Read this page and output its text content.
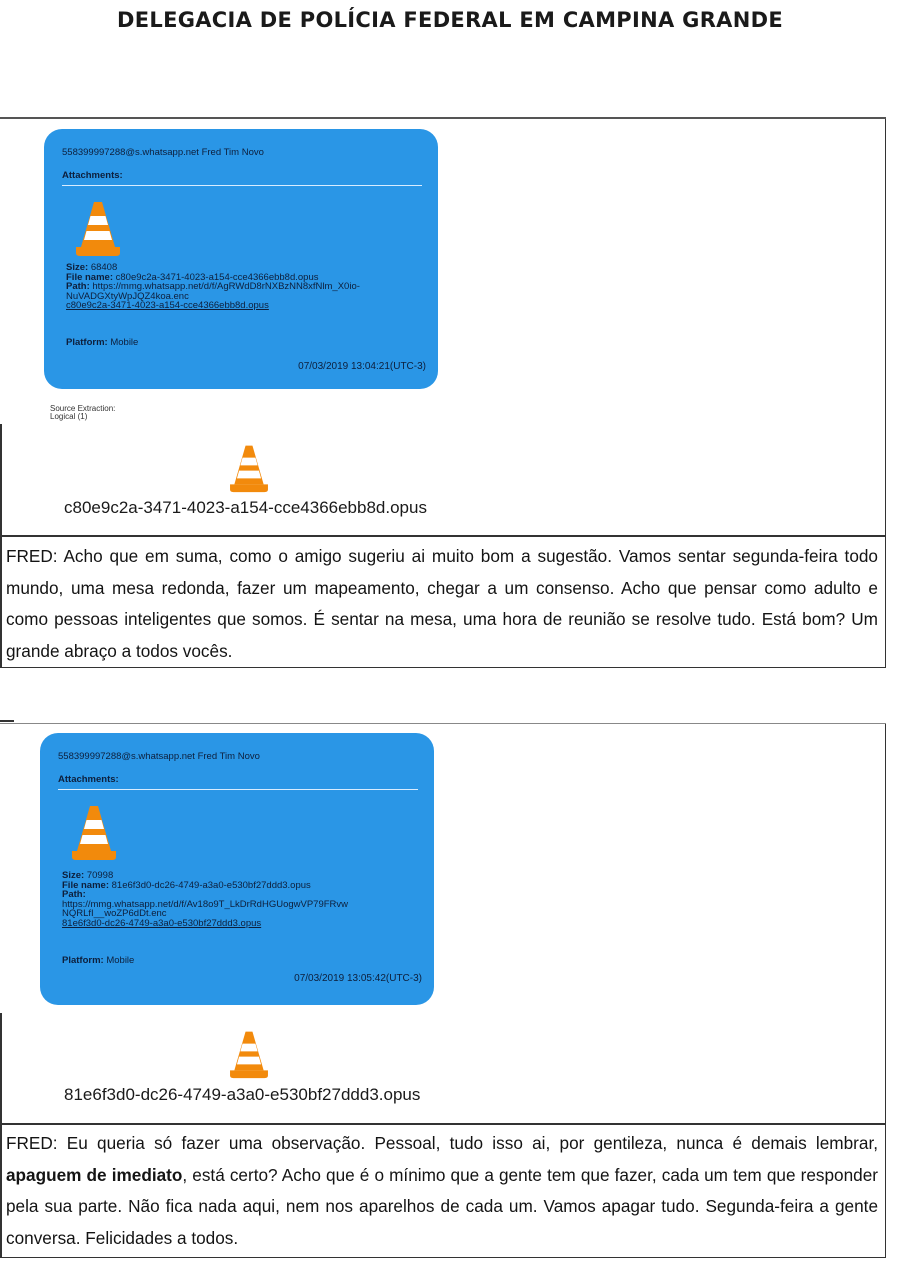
DELEGACIA DE POLÍCIA FEDERAL EM CAMPINA GRANDE
558399997288@s.whatsapp.net Fred Tim Novo
Attachments:
Size: 68408
File name: c80e9c2a-3471-4023-a154-cce4366ebb8d.opus
Path: https://mmg.whatsapp.net/d/f/AgRWdD8rNXBzNN8xfNlm_X0io-
NuVADGXtyWpJQZ4koa.enc
c80e9c2a-3471-4023-a154-cce4366ebb8d.opus
Platform: Mobile
07/03/2019 13:04:21(UTC-3)
Source Extraction:
Logical (1)
c80e9c2a-3471-4023-a154-cce4366ebb8d.opus

FRED: Acho que em suma, como o amigo sugeriu ai muito bom a sugestão. Vamos sentar segunda-feira todo mundo, uma mesa redonda, fazer um mapeamento, chegar a um consenso. Acho que pensar como adulto e como pessoas inteligentes que somos. É sentar na mesa, uma hora de reunião se resolve tudo. Está bom? Um grande abraço a todos vocês.

558399997288@s.whatsapp.net Fred Tim Novo
Attachments:
Size: 70998
File name: 81e6f3d0-dc26-4749-a3a0-e530bf27ddd3.opus
Path:
https://mmg.whatsapp.net/d/f/Av18o9T_LkDrRdHGUogwVP79FRvw
NQRLfI__woZP6dDt.enc
81e6f3d0-dc26-4749-a3a0-e530bf27ddd3.opus
Platform: Mobile
07/03/2019 13:05:42(UTC-3)
81e6f3d0-dc26-4749-a3a0-e530bf27ddd3.opus

FRED: Eu queria só fazer uma observação. Pessoal, tudo isso ai, por gentileza, nunca é demais lembrar, apaguem de imediato, está certo? Acho que é o mínimo que a gente tem que fazer, cada um tem que responder pela sua parte. Não fica nada aqui, nem nos aparelhos de cada um. Vamos apagar tudo. Segunda-feira a gente conversa. Felicidades a todos.
